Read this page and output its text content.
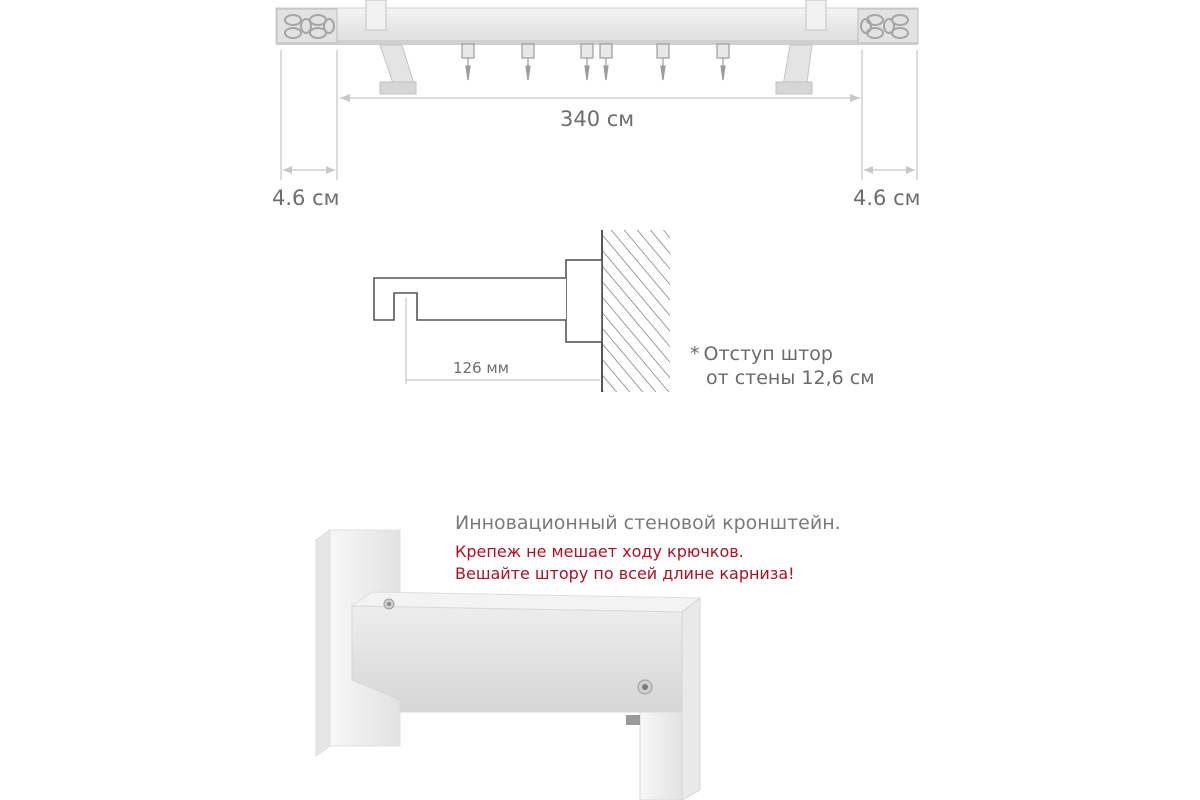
340 см
4.6 см	4.6 см
126 мм
* Отступ штор
от стены 12,6 см
Инновационный стеновой кронштейн.
Крепеж не мешает ходу крючков.
Вешайте штору по всей длине карниза!
